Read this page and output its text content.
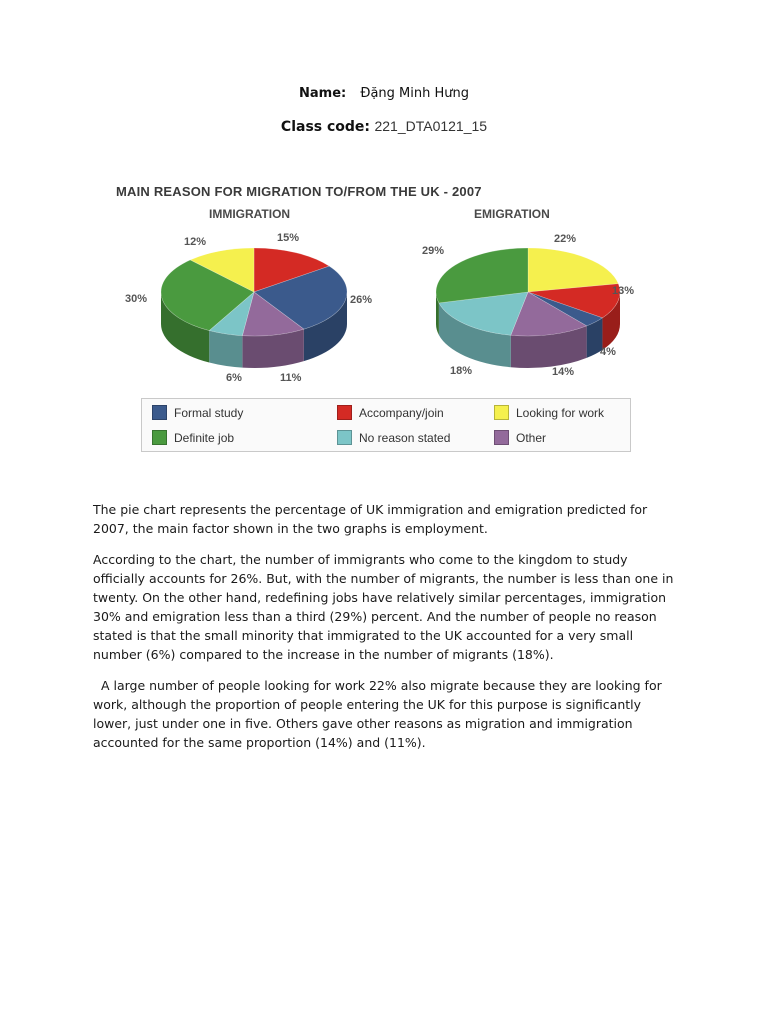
Name: Đặng Minh Hưng
Class code: 221_DTA0121_15
MAIN REASON FOR MIGRATION TO/FROM THE UK - 2007
IMMIGRATION	EMIGRATION
12%	15%
26%
30%
6%	11%
29%
22%
13%
4%
18%	14%
Formal study	Accompany/join	Looking for work
Definite job	No reason stated	Other

The pie chart represents the percentage of UK immigration and emigration predicted for 2007, the main factor shown in the two graphs is employment.

According to the chart, the number of immigrants who come to the kingdom to study officially accounts for 26%. But, with the number of migrants, the number is less than one in twenty. On the other hand, redefining jobs have relatively similar percentages, immigration 30% and emigration less than a third (29%) percent. And the number of people no reason stated is that the small minority that immigrated to the UK accounted for a very small number (6%) compared to the increase in the number of migrants (18%).

A large number of people looking for work 22% also migrate because they are looking for work, although the proportion of people entering the UK for this purpose is significantly lower, just under one in five. Others gave other reasons as migration and immigration accounted for the same proportion (14%) and (11%).
